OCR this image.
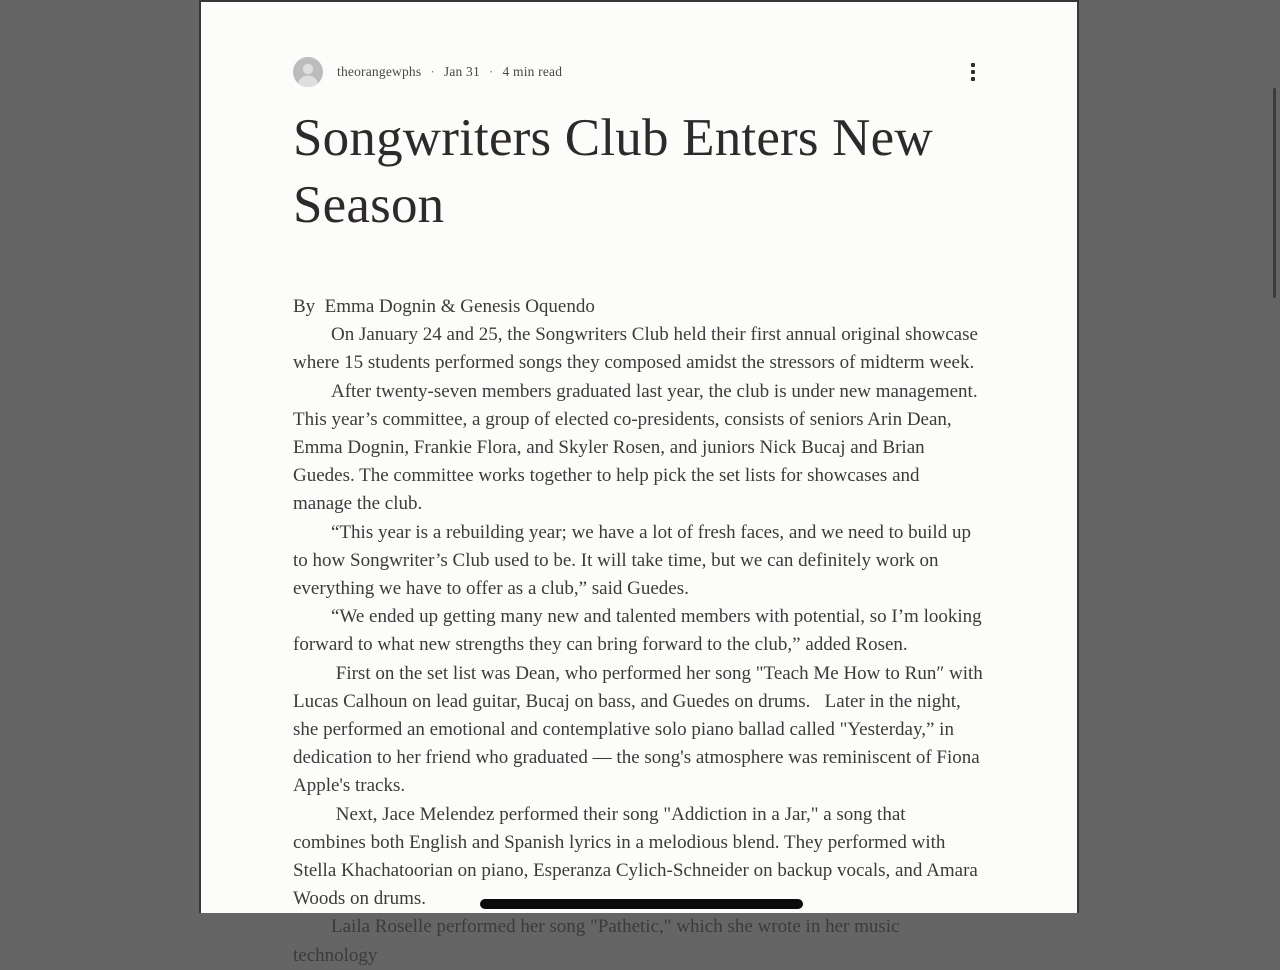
theorangewphs · Jan 31 · 4 min read
Songwriters Club Enters New Season

By  Emma Dognin & Genesis Oquendo

On January 24 and 25, the Songwriters Club held their first annual original showcase where 15 students performed songs they composed amidst the stressors of midterm week.

After twenty-seven members graduated last year, the club is under new management. This year’s committee, a group of elected co-presidents, consists of seniors Arin Dean, Emma Dognin, Frankie Flora, and Skyler Rosen, and juniors Nick Bucaj and Brian Guedes. The committee works together to help pick the set lists for showcases and manage the club.

“This year is a rebuilding year; we have a lot of fresh faces, and we need to build up to how Songwriter’s Club used to be. It will take time, but we can definitely work on everything we have to offer as a club,” said Guedes.

“We ended up getting many new and talented members with potential, so I’m looking forward to what new strengths they can bring forward to the club,” added Rosen.

First on the set list was Dean, who performed her song "Teach Me How to Run″ with Lucas Calhoun on lead guitar, Bucaj on bass, and Guedes on drums.   Later in the night, she performed an emotional and contemplative solo piano ballad called "Yesterday,” in dedication to her friend who graduated — the song's atmosphere was reminiscent of Fiona Apple's tracks.

Next, Jace Melendez performed their song "Addiction in a Jar," a song that combines both English and Spanish lyrics in a melodious blend. They performed with Stella Khachatoorian on piano, Esperanza Cylich-Schneider on backup vocals, and Amara Woods on drums.

Laila Roselle performed her song "Pathetic," which she wrote in her music technology
